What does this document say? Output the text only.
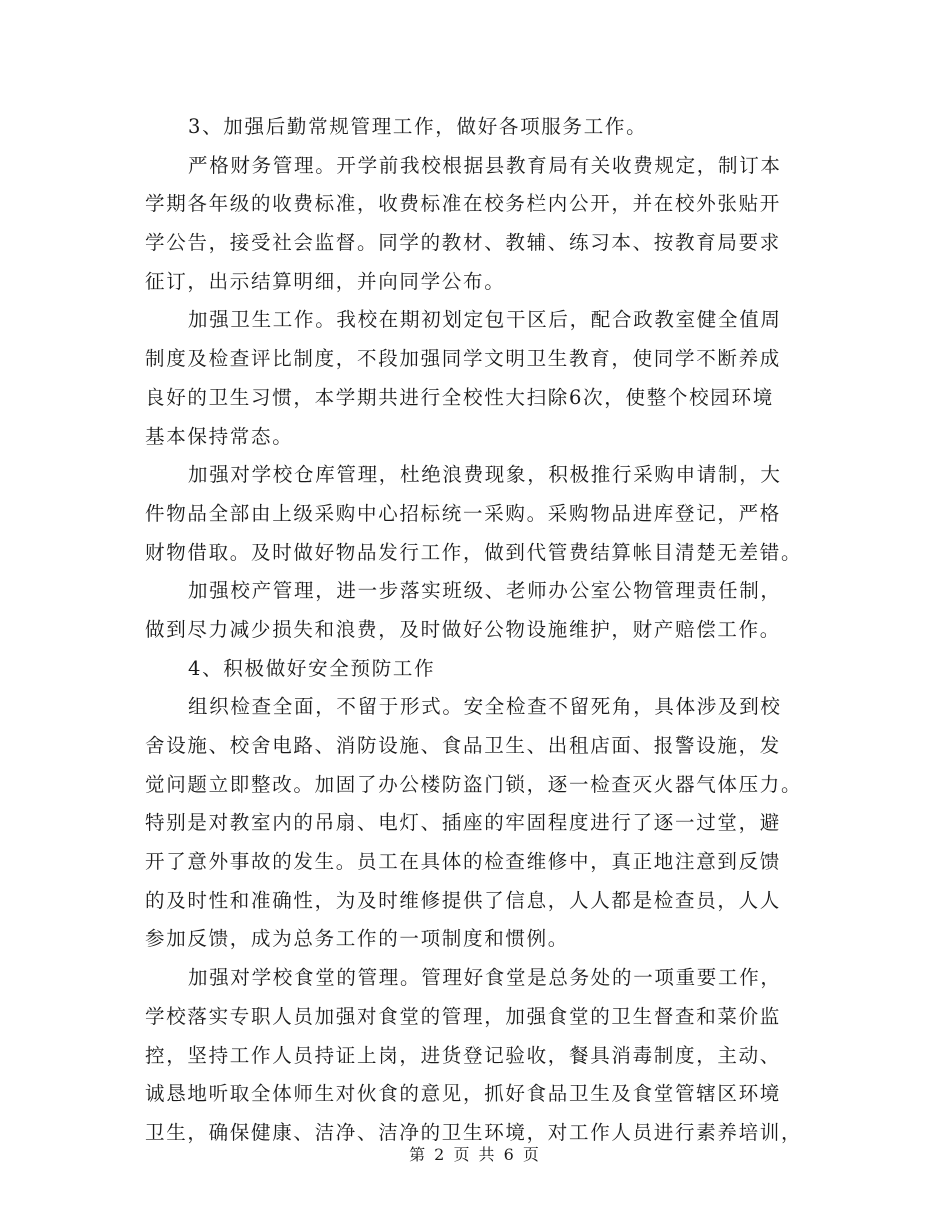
3、加强后勤常规管理工作，做好各项服务工作。
严格财务管理。开学前我校根据县教育局有关收费规定，制订本
学期各年级的收费标准，收费标准在校务栏内公开，并在校外张贴开
学公告，接受社会监督。同学的教材、教辅、练习本、按教育局要求
征订，出示结算明细，并向同学公布。
加强卫生工作。我校在期初划定包干区后，配合政教室健全值周
制度及检查评比制度，不段加强同学文明卫生教育，使同学不断养成
良好的卫生习惯，本学期共进行全校性大扫除6次，使整个校园环境
基本保持常态。
加强对学校仓库管理，杜绝浪费现象，积极推行采购申请制，大
件物品全部由上级采购中心招标统一采购。采购物品进库登记，严格
财物借取。及时做好物品发行工作，做到代管费结算帐目清楚无差错。
加强校产管理，进一步落实班级、老师办公室公物管理责任制，
做到尽力减少损失和浪费，及时做好公物设施维护，财产赔偿工作。
4、积极做好安全预防工作
组织检查全面，不留于形式。安全检查不留死角，具体涉及到校
舍设施、校舍电路、消防设施、食品卫生、出租店面、报警设施，发
觉问题立即整改。加固了办公楼防盗门锁，逐一检查灭火器气体压力。
特别是对教室内的吊扇、电灯、插座的牢固程度进行了逐一过堂，避
开了意外事故的发生。员工在具体的检查维修中，真正地注意到反馈
的及时性和准确性，为及时维修提供了信息，人人都是检查员，人人
参加反馈，成为总务工作的一项制度和惯例。
加强对学校食堂的管理。管理好食堂是总务处的一项重要工作，
学校落实专职人员加强对食堂的管理，加强食堂的卫生督查和菜价监
控，坚持工作人员持证上岗，进货登记验收，餐具消毒制度，主动、
诚恳地听取全体师生对伙食的意见，抓好食品卫生及食堂管辖区环境
卫生，确保健康、洁净、洁净的卫生环境，对工作人员进行素养培训，
第 2 页 共 6 页
